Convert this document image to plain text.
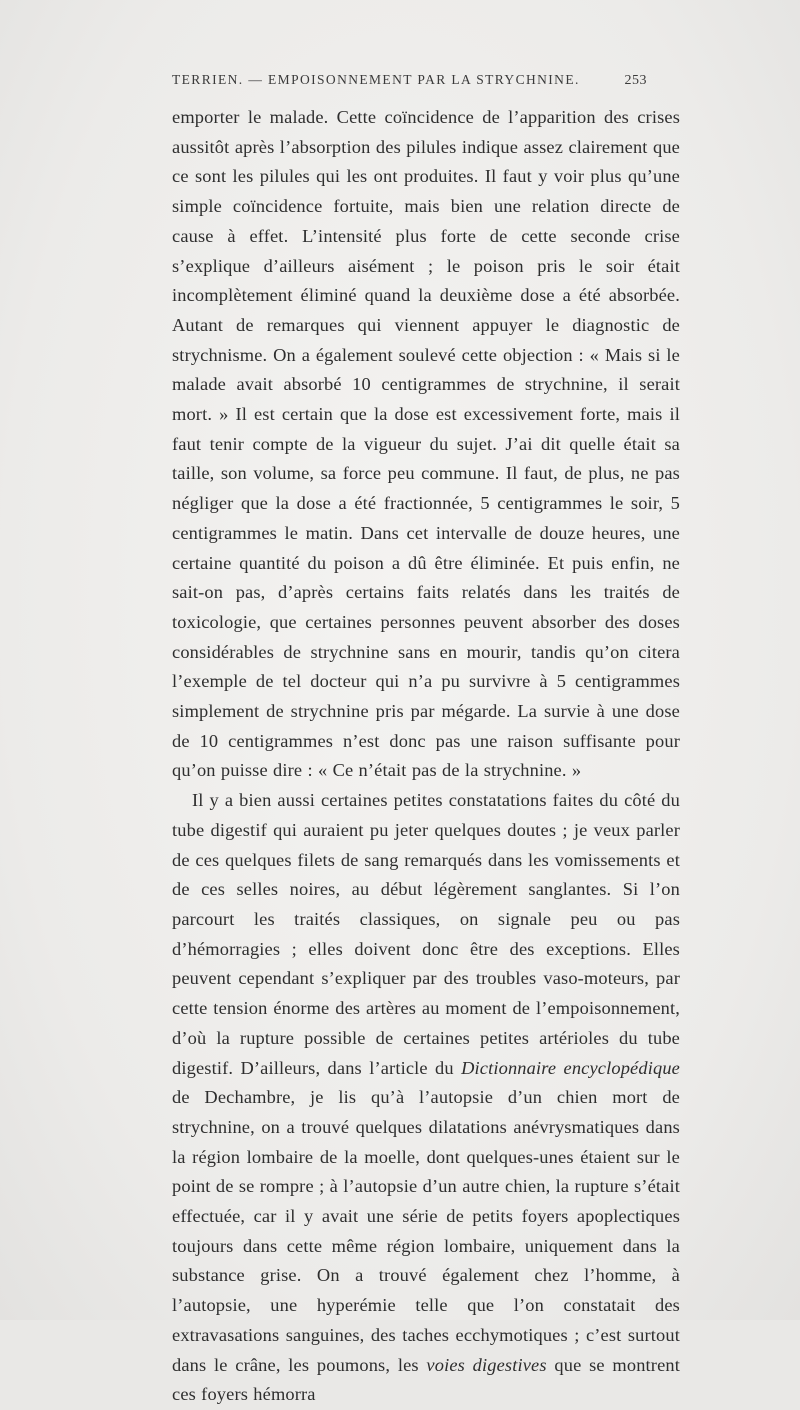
TERRIEN. — EMPOISONNEMENT PAR LA STRYCHNINE.	253

emporter le malade. Cette coïncidence de l’apparition des crises aussitôt après l’absorption des pilules indique assez clairement que ce sont les pilules qui les ont produites. Il faut y voir plus qu’une simple coïncidence fortuite, mais bien une relation directe de cause à effet. L’intensité plus forte de cette seconde crise s’explique d’ailleurs aisément ; le poison pris le soir était incomplètement éliminé quand la deuxième dose a été absorbée. Autant de remarques qui viennent appuyer le diagnostic de strychnisme. On a également soulevé cette objection : « Mais si le malade avait absorbé 10 centigrammes de strychnine, il serait mort. » Il est certain que la dose est excessivement forte, mais il faut tenir compte de la vigueur du sujet. J’ai dit quelle était sa taille, son volume, sa force peu commune. Il faut, de plus, ne pas négliger que la dose a été fractionnée, 5 centigrammes le soir, 5 centigrammes le matin. Dans cet intervalle de douze heures, une certaine quantité du poison a dû être éliminée. Et puis enfin, ne sait-on pas, d’après certains faits relatés dans les traités de toxicologie, que certaines personnes peuvent absorber des doses considérables de strychnine sans en mourir, tandis qu’on citera l’exemple de tel docteur qui n’a pu survivre à 5 centigrammes simplement de strychnine pris par mégarde. La survie à une dose de 10 centigrammes n’est donc pas une raison suffisante pour qu’on puisse dire : « Ce n’était pas de la strychnine. »

Il y a bien aussi certaines petites constatations faites du côté du tube digestif qui auraient pu jeter quelques doutes ; je veux parler de ces quelques filets de sang remarqués dans les vomissements et de ces selles noires, au début légèrement sanglantes. Si l’on parcourt les traités classiques, on signale peu ou pas d’hémorragies ; elles doivent donc être des exceptions. Elles peuvent cependant s’expliquer par des troubles vaso-moteurs, par cette tension énorme des artères au moment de l’empoisonnement, d’où la rupture possible de certaines petites artérioles du tube digestif. D’ailleurs, dans l’article du Dictionnaire encyclopédique de Dechambre, je lis qu’à l’autopsie d’un chien mort de strychnine, on a trouvé quelques dilatations anévrysmatiques dans la région lombaire de la moelle, dont quelques-unes étaient sur le point de se rompre ; à l’autopsie d’un autre chien, la rupture s’était effectuée, car il y avait une série de petits foyers apoplectiques toujours dans cette même région lombaire, uniquement dans la substance grise. On a trouvé également chez l’homme, à l’autopsie, une hyperémie telle que l’on constatait des extravasations sanguines, des taches ecchymotiques ; c’est surtout dans le crâne, les poumons, les voies digestives que se montrent ces foyers hémorra
